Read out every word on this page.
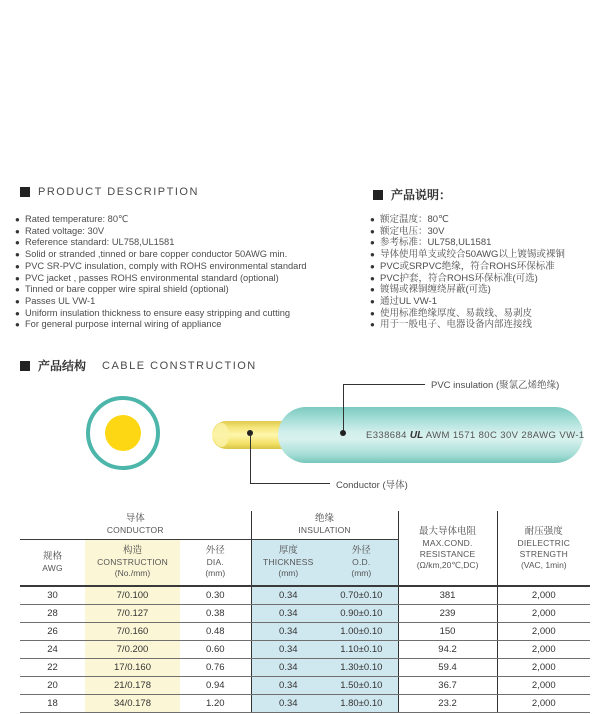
PRODUCT DESCRIPTION	产品说明：
● Rated temperature: 80℃
● Rated voltage: 30V
● Reference standard: UL758,UL1581
● Solid or stranded ,tinned or bare copper conductor 50AWG min.
● PVC SR-PVC insulation, comply with ROHS environmental standard
● PVC jacket , passes ROHS environmental standard (optional)
● Tinned or bare copper wire spiral shield (optional)
● Passes UL VW-1
● Uniform insulation thickness to ensure easy stripping and cutting
● For general purpose internal wiring of appliance
● 额定温度：80℃
● 额定电压：30V
● 参考标准：UL758,UL1581
● 导体使用单支或绞合50AWG以上镀锡或裸铜
● PVC或SRPVC绝缘，符合ROHS环保标准
● PVC护套，符合ROHS环保标准(可选)
● 镀锡或裸铜缠绕屏蔽(可选)
● 通过UL VW-1
● 使用标准绝缘厚度、易裁线、易剥皮
● 用于一般电子、电器设备内部连接线
产品结构 CABLE CONSTRUCTION
E338684 UL AWM 1571 80C 30V 28AWG VW-1
PVC insulation (聚氯乙烯绝缘)
Conductor (导体)
导体
CONDUCTOR			绝缘
INSULATION		最大导体电阻
MAX.COND.
RESISTANCE
(Ω/km,20℃,DC)	耐压强度
DIELECTRIC
STRENGTH
(VAC, 1min)

规格
AWG	构造
CONSTRUCTION
(No./mm)	外径
DIA.
(mm)	厚度
THICKNESS
(mm)	外径
O.D.
(mm)		

30	7/0.100	0.30	0.34	0.70±0.10	381	2,000
28	7/0.127	0.38	0.34	0.90±0.10	239	2,000
26	7/0.160	0.48	0.34	1.00±0.10	150	2,000
24	7/0.200	0.60	0.34	1.10±0.10	94.2	2,000
22	17/0.160	0.76	0.34	1.30±0.10	59.4	2,000
20	21/0.178	0.94	0.34	1.50±0.10	36.7	2,000
18	34/0.178	1.20	0.34	1.80±0.10	23.2	2,000
